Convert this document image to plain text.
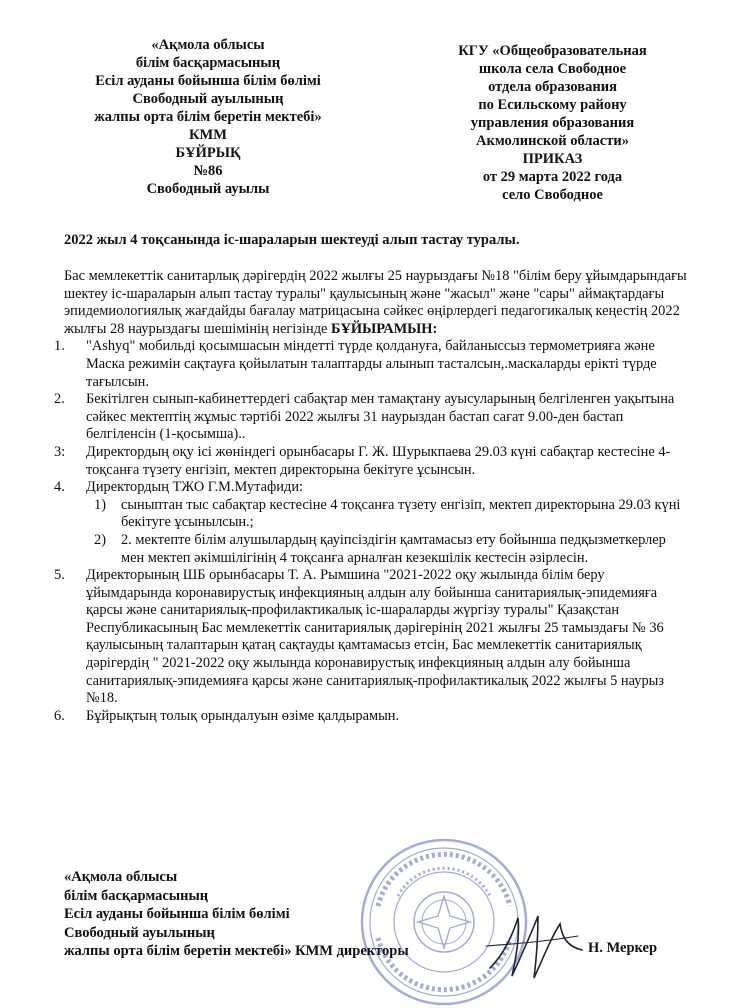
«Ақмола облысы
білім басқармасының
Есіл ауданы бойынша білім бөлімі
Свободный ауылының
жалпы орта білім беретін мектебі»
КММ
БҰЙРЫҚ
№86
Свободный ауылы
КГУ «Общеобразовательная
школа села Свободное
отдела образования
по Есильскому району
управления образования
Акмолинской области»
ПРИКАЗ
от 29 марта 2022 года
село Свободное
2022 жыл 4 тоқсанында іс-шараларын шектеуді алып тастау туралы.

Бас мемлекеттік санитарлық дәрігердің 2022 жылғы 25 наурыздағы №18 "білім беру ұйымдарындағы шектеу іс-шараларын алып тастау туралы" қаулысының және "жасыл" және "сары" аймақтардағы эпидемиологиялық жағдайды бағалау матрицасына сәйкес өңірлердегі педагогикалық кеңестің 2022 жылғы 28 наурыздағы шешімінің негізінде БҰЙЫРАМЫН:

1. "Ashyq" мобильді қосымшасын міндетті түрде қолдануға, байланыссыз термометрияға және Маска режимін сақтауға қойылатын талаптарды алынып тасталсын,.маскаларды ерікті түрде тағылсын.
2. Бекітілген сынып-кабинеттердегі сабақтар мен тамақтану ауысуларының белгіленген уақытына сәйкес мектептің жұмыс тәртібі 2022 жылғы 31 наурыздан бастап сағат 9.00-ден бастап белгіленсін (1-қосымша)..
3: Директордың оқу ісі жөніндегі орынбасары Г. Ж. Шурыкпаева 29.03 күні сабақтар кестесіне 4-тоқсанға түзету енгізіп, мектеп директорына бекітуге ұсынсын.
4. Директордың ТЖО Г.М.Мутафиди:
1) сыныптан тыс сабақтар кестесіне 4 тоқсанға түзету енгізіп, мектеп директорына 29.03 күні бекітуге ұсынылсын.;
2) 2. мектепте білім алушылардың қауіпсіздігін қамтамасыз ету бойынша педқызметкерлер мен мектеп әкімшілігінің 4 тоқсанға арналған кезекшілік кестесін әзірлесін.
5. Директорының ШБ орынбасары Т. А. Рымшина "2021-2022 оқу жылында білім беру ұйымдарында коронавирустық инфекцияның алдын алу бойынша санитариялық-эпидемияға қарсы және санитариялық-профилактикалық іс-шараларды жүргізу туралы" Қазақстан Республикасының Бас мемлекеттік санитариялық дәрігерінің 2021 жылғы 25 тамыздағы № 36 қаулысының талаптарын қатаң сақтауды қамтамасыз етсін, Бас мемлекеттік санитариялық дәрігердің " 2021-2022 оқу жылында коронавирустық инфекцияның алдын алу бойынша санитариялық-эпидемияға қарсы және санитариялық-профилактикалық 2022 жылғы 5 наурыз №18.
6. Бұйрықтың толық орындалуын өзіме қалдырамын.
«Ақмола облысы
білім басқармасының
Есіл ауданы бойынша білім бөлімі
Свободный ауылының
жалпы орта білім беретін мектебі» КММ директоры	Н. Меркер
